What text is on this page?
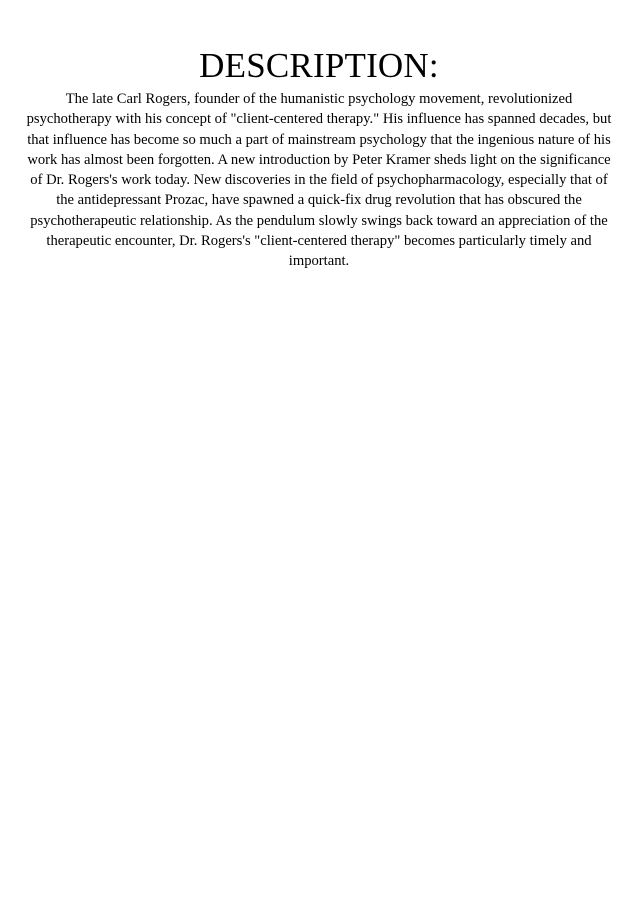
DESCRIPTION:

The late Carl Rogers, founder of the humanistic psychology movement, revolutionized psychotherapy with his concept of "client-centered therapy." His influence has spanned decades, but that influence has become so much a part of mainstream psychology that the ingenious nature of his work has almost been forgotten. A new introduction by Peter Kramer sheds light on the significance of Dr. Rogers's work today. New discoveries in the field of psychopharmacology, especially that of the antidepressant Prozac, have spawned a quick-fix drug revolution that has obscured the psychotherapeutic relationship. As the pendulum slowly swings back toward an appreciation of the therapeutic encounter, Dr. Rogers's "client-centered therapy" becomes particularly timely and important.
